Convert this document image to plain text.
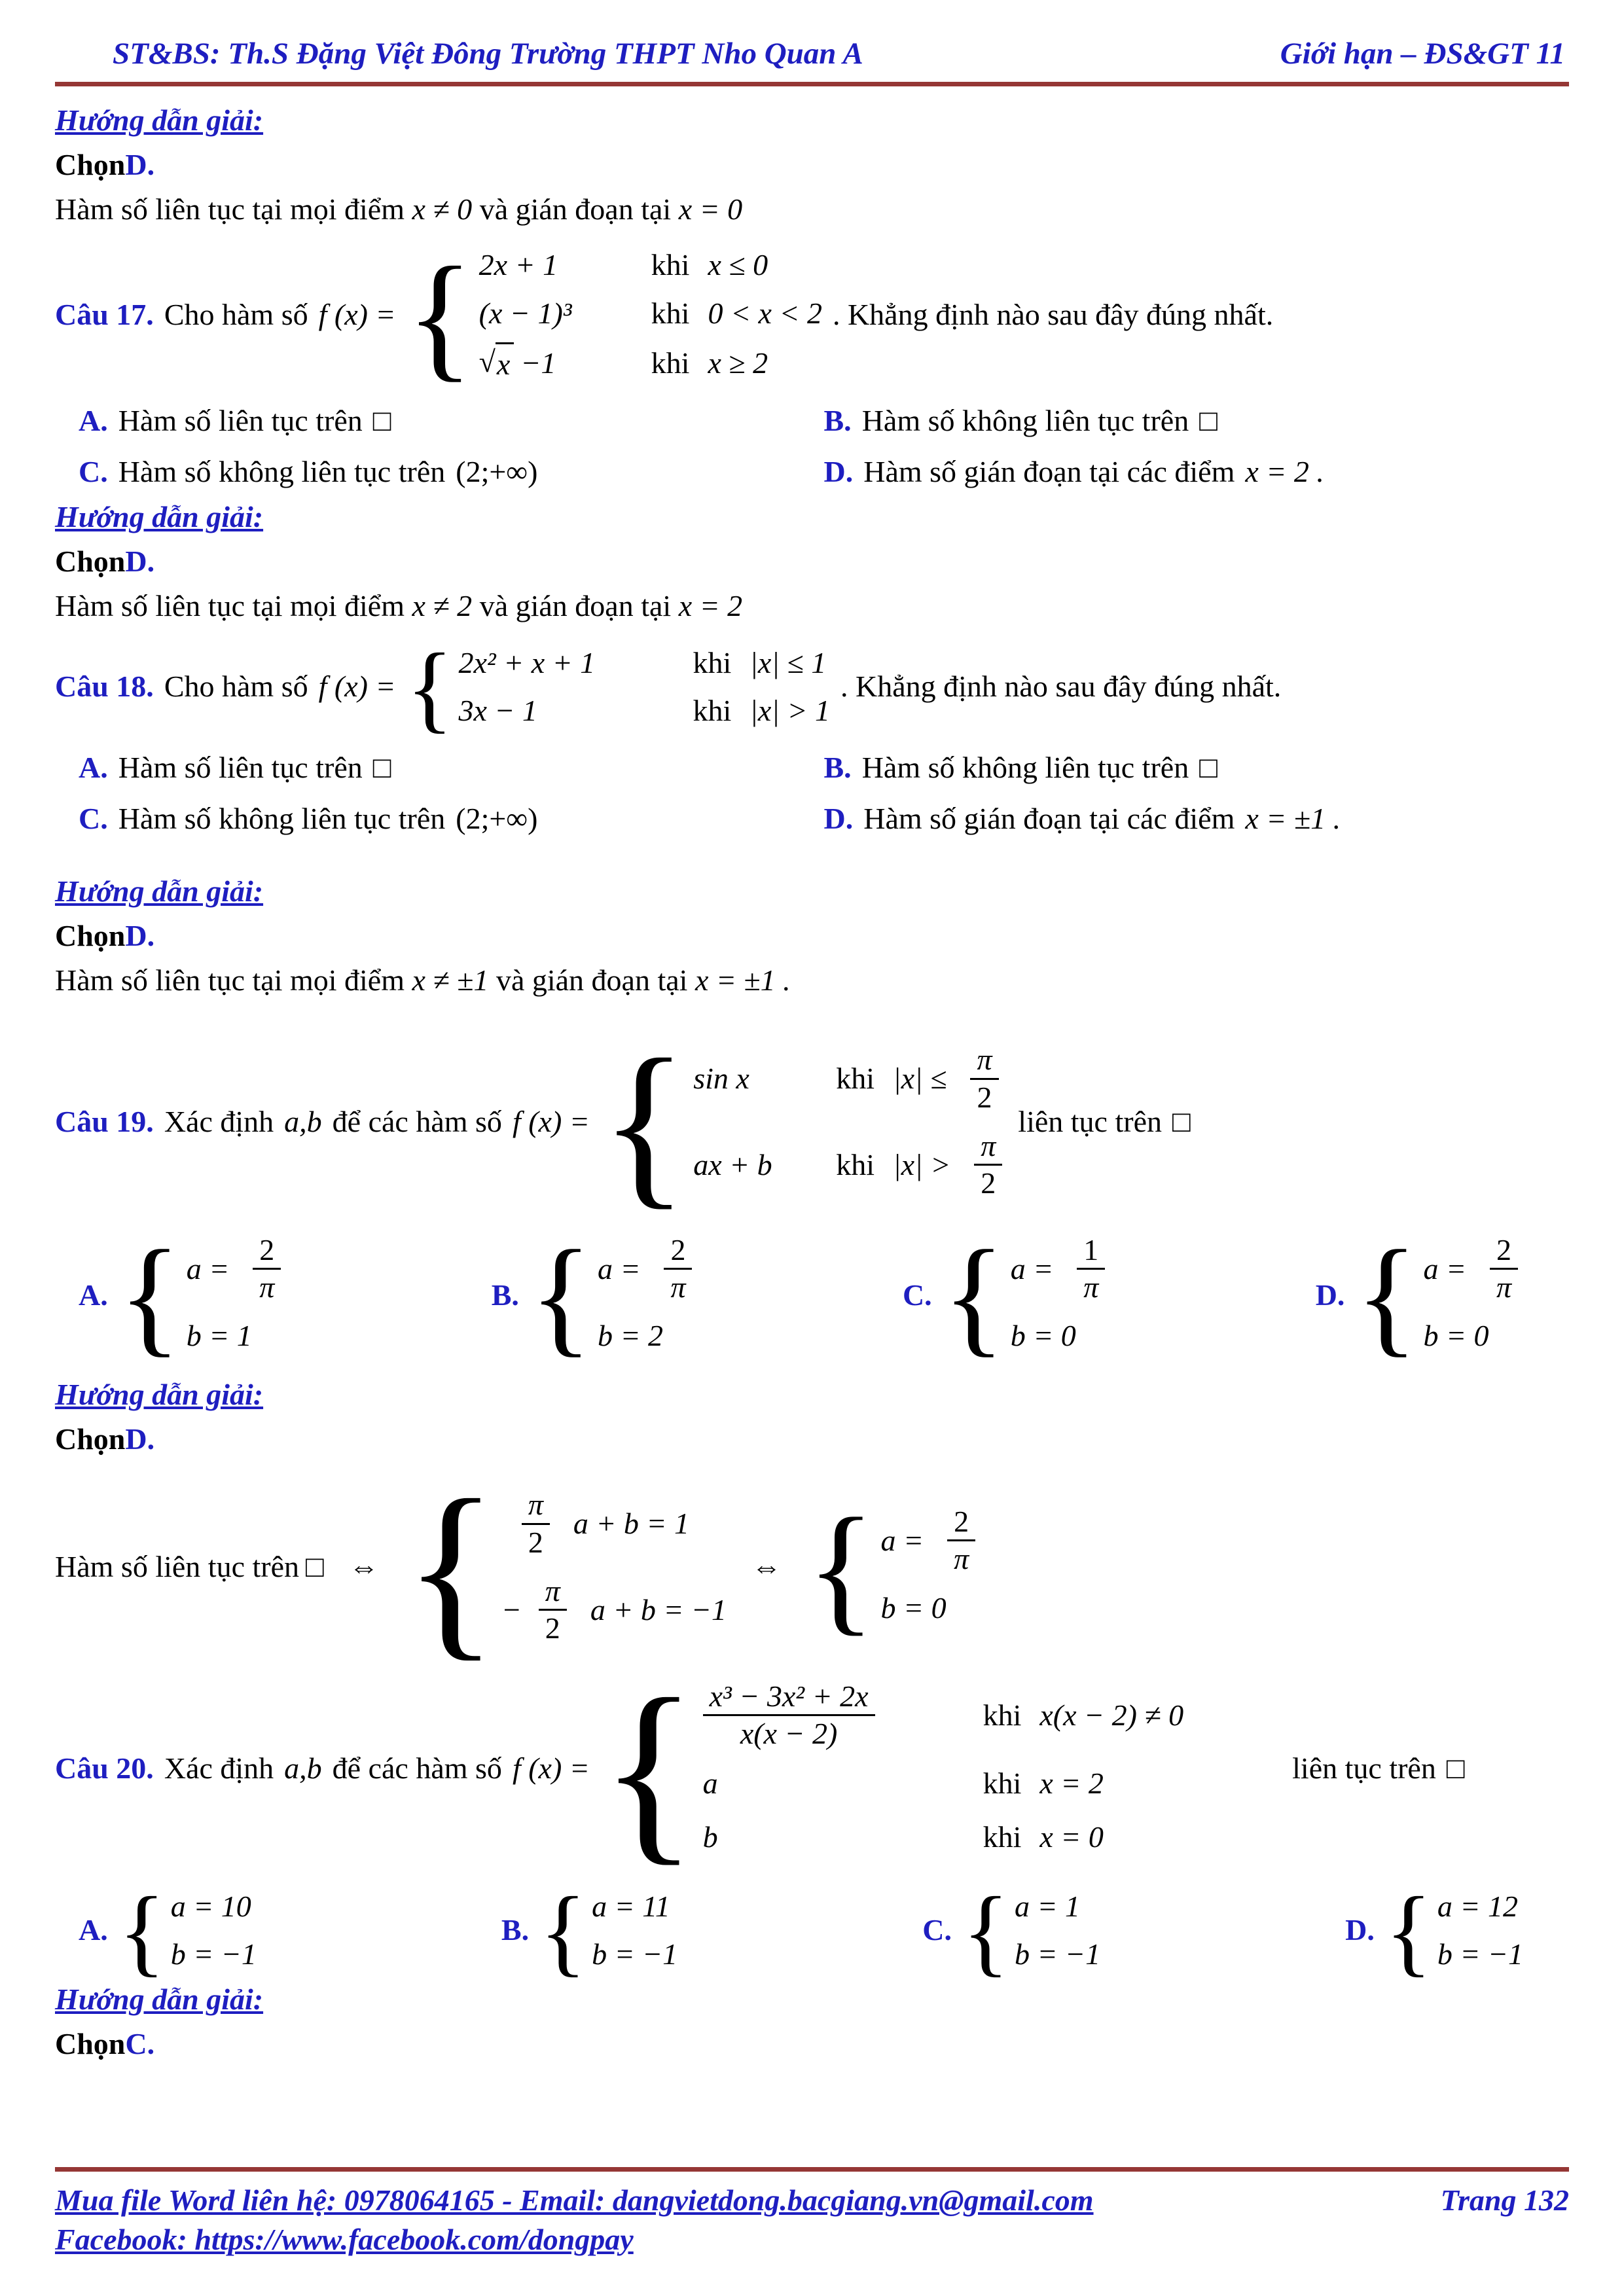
ST&BS: Th.S Đặng Việt Đông Trường THPT Nho Quan A	Giới hạn – ĐS&GT 11
Hướng dẫn giải:
ChọnD.
Hàm số liên tục tại mọi điểm x ≠ 0 và gián đoạn tại x = 0
Câu 17. Cho hàm số f (x) = { 2x + 1	khi x ≤ 0
(x − 1)³	khi 0 < x < 2
√ x −1	khi x ≥ 2
. Khẳng định nào sau đây đúng nhất.
A. Hàm số liên tục trên □	B. Hàm số không liên tục trên □
C. Hàm số không liên tục trên (2;+∞)	D. Hàm số gián đoạn tại các điểm x = 2 .
Hướng dẫn giải:
ChọnD.
Hàm số liên tục tại mọi điểm x ≠ 2 và gián đoạn tại x = 2
Câu 18. Cho hàm số f (x) = { 2x² + x + 1	khi |x| ≤ 1
3x − 1	khi |x| > 1
. Khẳng định nào sau đây đúng nhất.
A. Hàm số liên tục trên □	B. Hàm số không liên tục trên □
C. Hàm số không liên tục trên (2;+∞)	D. Hàm số gián đoạn tại các điểm x = ±1 .
Hướng dẫn giải:
ChọnD.
Hàm số liên tục tại mọi điểm x ≠ ±1 và gián đoạn tại x = ±1 .
Câu 19. Xác định a,b để các hàm số f (x) = { sin x	khi $|x| \le \frac{\pi}{2}$
ax + b	khi $|x| > \frac{\pi}{2}$
liên tục trên □
A. { $a = \frac{2}{\pi}$
b = 1
B. { $a = \frac{2}{\pi}$
b = 2
C. { $a = \frac{1}{\pi}$
b = 0
D. { $a = \frac{2}{\pi}$
b = 0
Hướng dẫn giải:
ChọnD.
Hàm số liên tục trên □ ⇔ { $\frac{\pi}{2}$ a + b = 1
− $\frac{\pi}{2}$ a + b = −1
⇔ { $a = \frac{2}{\pi}$
b = 0
Câu 20. Xác định a,b để các hàm số f (x) = { $\frac{\text{x³ − 3x² + 2x}}{x(x - 2)}$	khi x(x − 2) ≠ 0
a	khi x = 2
b	khi x = 0
liên tục trên □
A. { a = 10
b = −1
B. { a = 11
b = −1
C. { a = 1
b = −1
D. { a = 12
b = −1
Hướng dẫn giải:
ChọnC.
Mua file Word liên hệ: 0978064165 - Email: dangvietdong.bacgiang.vn@gmail.com	Trang 132
Facebook: https://www.facebook.com/dongpay
